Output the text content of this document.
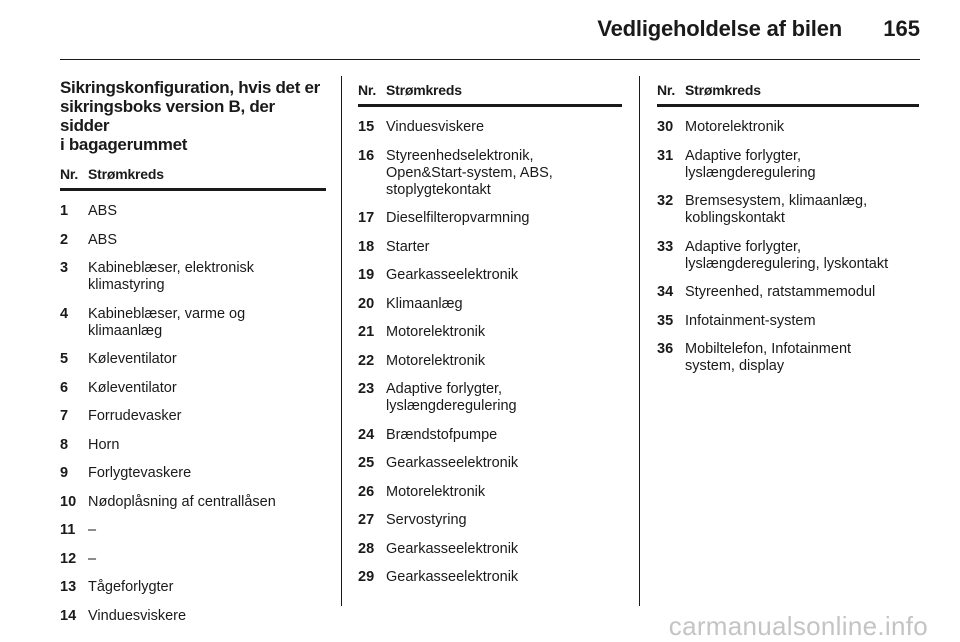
Vedligeholdelse af bilen 165
Sikringskonfiguration, hvis det er
sikringsboks version B, der sidder
i bagagerummet
Nr. Strømkreds
1	ABS
2	ABS
3	Kabineblæser, elektronisk
klimastyring
4	Kabineblæser, varme og
klimaanlæg
5	Køleventilator
6	Køleventilator
7	Forrudevasker
8	Horn
9	Forlygtevaskere
10 Nødoplåsning af centrallåsen
11 –
12 –
13 Tågeforlygter
14 Vinduesviskere
Nr. Strømkreds
15 Vinduesviskere
16 Styreenhedselektronik,
Open&Start-system, ABS,
stoplygtekontakt
17 Dieselfilteropvarmning
18 Starter
19 Gearkasseelektronik
20 Klimaanlæg
21 Motorelektronik
22 Motorelektronik
23 Adaptive forlygter,
lyslængderegulering
24 Brændstofpumpe
25 Gearkasseelektronik
26 Motorelektronik
27 Servostyring
28 Gearkasseelektronik
29 Gearkasseelektronik
Nr. Strømkreds
30 Motorelektronik
31 Adaptive forlygter,
lyslængderegulering
32 Bremsesystem, klimaanlæg,
koblingskontakt
33 Adaptive forlygter,
lyslængderegulering, lyskontakt
34 Styreenhed, ratstammemodul
35 Infotainment-system
36 Mobiltelefon, Infotainment
system, display
carmanualsonline.info
